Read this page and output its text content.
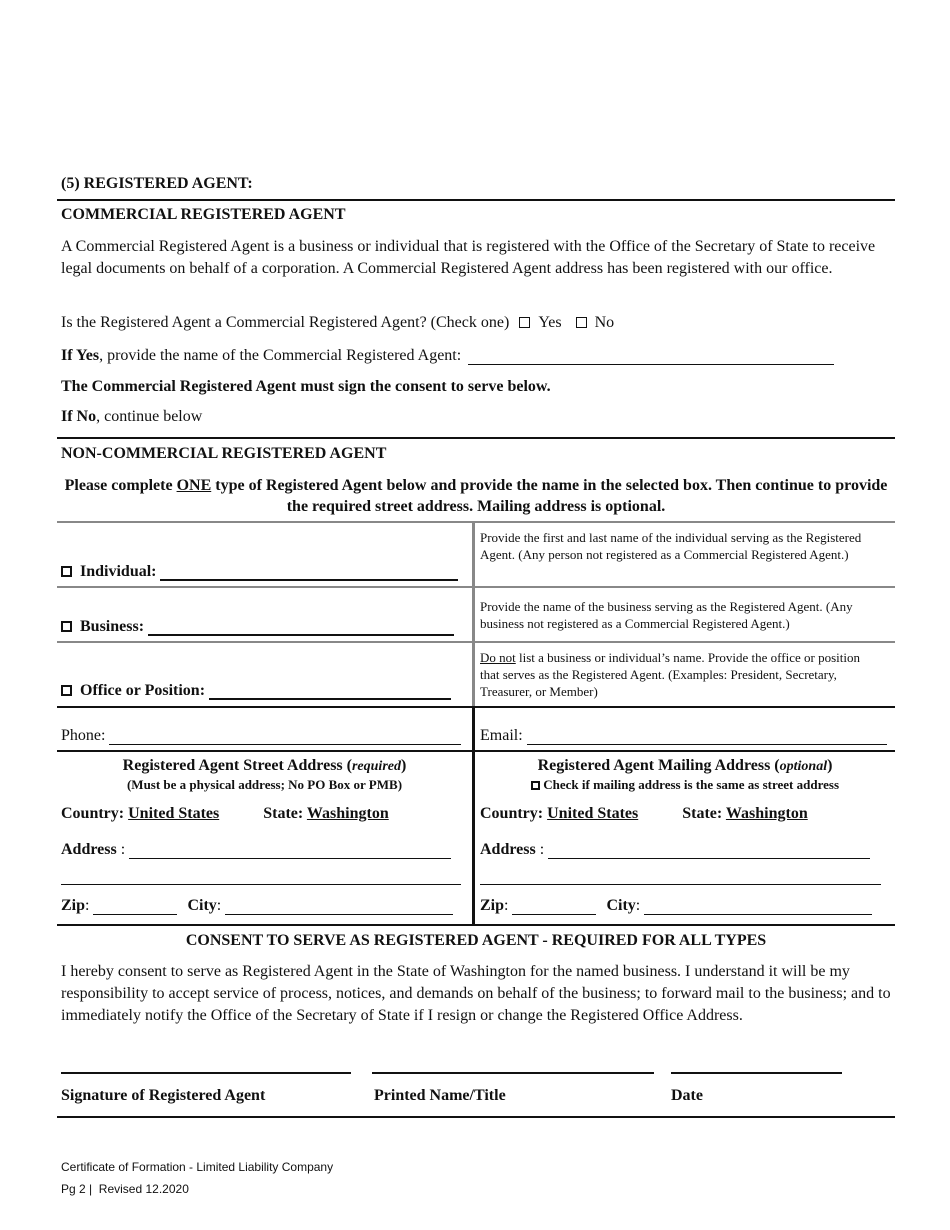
(5) REGISTERED AGENT:
COMMERCIAL REGISTERED AGENT
A Commercial Registered Agent is a business or individual that is registered with the Office of the Secretary of State to receive legal documents on behalf of a corporation. A Commercial Registered Agent address has been registered with our office.
Is the Registered Agent a Commercial Registered Agent? (Check one) Yes No
If Yes, provide the name of the Commercial Registered Agent:
The Commercial Registered Agent must sign the consent to serve below.
If No, continue below
NON-COMMERCIAL REGISTERED AGENT
Please complete ONE type of Registered Agent below and provide the name in the selected box. Then continue to provide the required street address. Mailing address is optional.
Individual:
Provide the first and last name of the individual serving as the Registered Agent. (Any person not registered as a Commercial Registered Agent.)
Business:
Provide the name of the business serving as the Registered Agent. (Any business not registered as a Commercial Registered Agent.)
Office or Position:
Do not list a business or individual’s name. Provide the office or position that serves as the Registered Agent. (Examples: President, Secretary, Treasurer, or Member)
Phone:	Email:
Registered Agent Street Address (required)
(Must be a physical address; No PO Box or PMB)
Country: United States	State: Washington
Address :
Zip:	City:
Registered Agent Mailing Address (optional)
Check if mailing address is the same as street address
Country: United States	State: Washington
Address :
Zip:	City:
CONSENT TO SERVE AS REGISTERED AGENT - REQUIRED FOR ALL TYPES
I hereby consent to serve as Registered Agent in the State of Washington for the named business. I understand it will be my responsibility to accept service of process, notices, and demands on behalf of the business; to forward mail to the business; and to immediately notify the Office of the Secretary of State if I resign or change the Registered Office Address.
Signature of Registered Agent	Printed Name/Title	Date
Certificate of Formation - Limited Liability Company
Pg 2 |  Revised 12.2020
